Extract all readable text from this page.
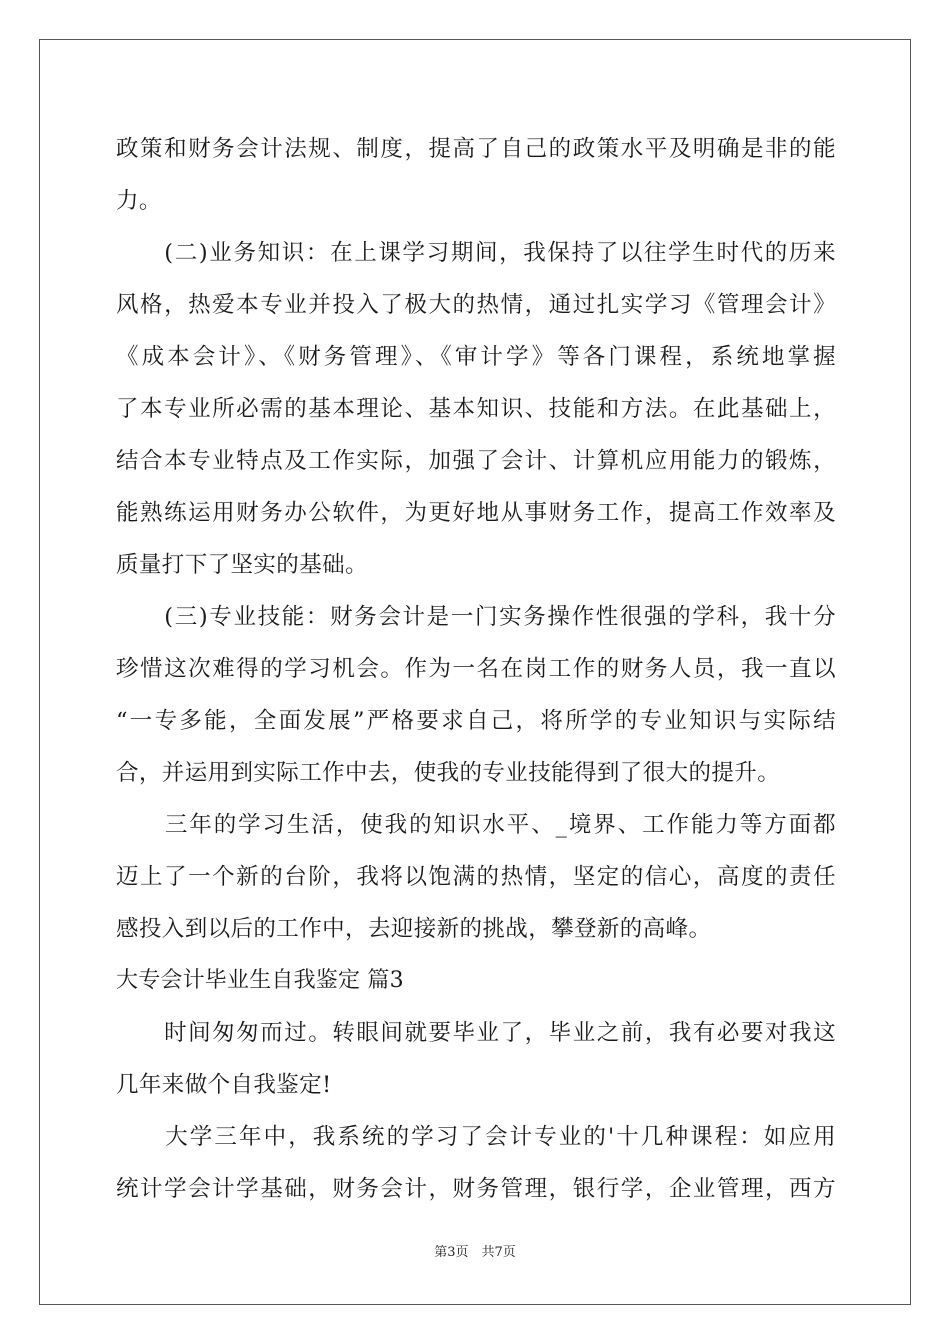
政策和财务会计法规、制度，提高了自己的政策水平及明确是非的能
力。
　　(二)业务知识：在上课学习期间，我保持了以往学生时代的历来
风格，热爱本专业并投入了极大的热情，通过扎实学习《管理会计》
《成本会计》、《财务管理》、《审计学》等各门课程，系统地掌握
了本专业所必需的基本理论、基本知识、技能和方法。在此基础上，
结合本专业特点及工作实际，加强了会计、计算机应用能力的锻炼，
能熟练运用财务办公软件，为更好地从事财务工作，提高工作效率及
质量打下了坚实的基础。
　　(三)专业技能：财务会计是一门实务操作性很强的学科，我十分
珍惜这次难得的学习机会。作为一名在岗工作的财务人员，我一直以
“一专多能，全面发展”严格要求自己，将所学的专业知识与实际结
合，并运用到实际工作中去，使我的专业技能得到了很大的提升。
　　三年的学习生活，使我的知识水平、_境界、工作能力等方面都
迈上了一个新的台阶，我将以饱满的热情，坚定的信心，高度的责任
感投入到以后的工作中，去迎接新的挑战，攀登新的高峰。
大专会计毕业生自我鉴定 篇3
　　时间匆匆而过。转眼间就要毕业了，毕业之前，我有必要对我这
几年来做个自我鉴定!
　　大学三年中，我系统的学习了会计专业的'十几种课程：如应用
统计学会计学基础，财务会计，财务管理，银行学，企业管理，西方
第3页　共7页
